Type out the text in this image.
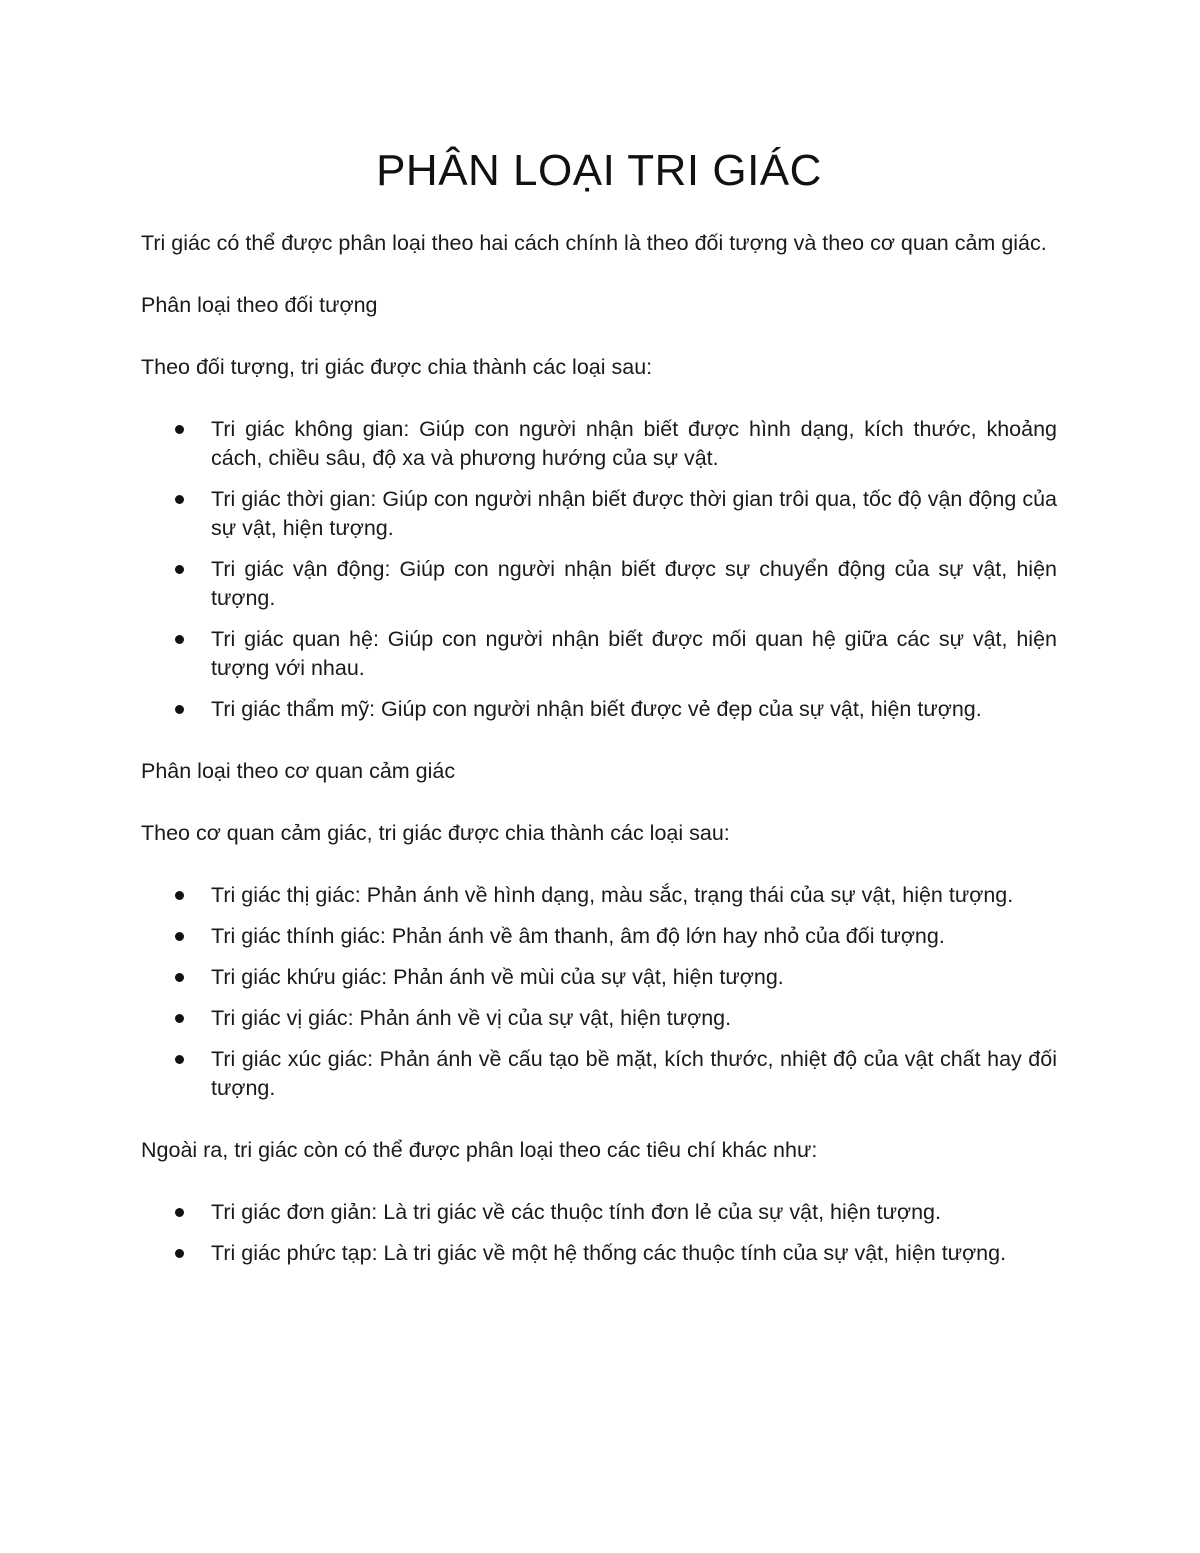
PHÂN LOẠI TRI GIÁC

Tri giác có thể được phân loại theo hai cách chính là theo đối tượng và theo cơ quan cảm giác.

Phân loại theo đối tượng

Theo đối tượng, tri giác được chia thành các loại sau:

Tri giác không gian: Giúp con người nhận biết được hình dạng, kích thước, khoảng cách, chiều sâu, độ xa và phương hướng của sự vật.
Tri giác thời gian: Giúp con người nhận biết được thời gian trôi qua, tốc độ vận động của sự vật, hiện tượng.
Tri giác vận động: Giúp con người nhận biết được sự chuyển động của sự vật, hiện tượng.
Tri giác quan hệ: Giúp con người nhận biết được mối quan hệ giữa các sự vật, hiện tượng với nhau.
Tri giác thẩm mỹ: Giúp con người nhận biết được vẻ đẹp của sự vật, hiện tượng.

Phân loại theo cơ quan cảm giác

Theo cơ quan cảm giác, tri giác được chia thành các loại sau:

Tri giác thị giác: Phản ánh về hình dạng, màu sắc, trạng thái của sự vật, hiện tượng.
Tri giác thính giác: Phản ánh về âm thanh, âm độ lớn hay nhỏ của đối tượng.
Tri giác khứu giác: Phản ánh về mùi của sự vật, hiện tượng.
Tri giác vị giác: Phản ánh về vị của sự vật, hiện tượng.
Tri giác xúc giác: Phản ánh về cấu tạo bề mặt, kích thước, nhiệt độ của vật chất hay đối tượng.

Ngoài ra, tri giác còn có thể được phân loại theo các tiêu chí khác như:

Tri giác đơn giản: Là tri giác về các thuộc tính đơn lẻ của sự vật, hiện tượng.
Tri giác phức tạp: Là tri giác về một hệ thống các thuộc tính của sự vật, hiện tượng.
